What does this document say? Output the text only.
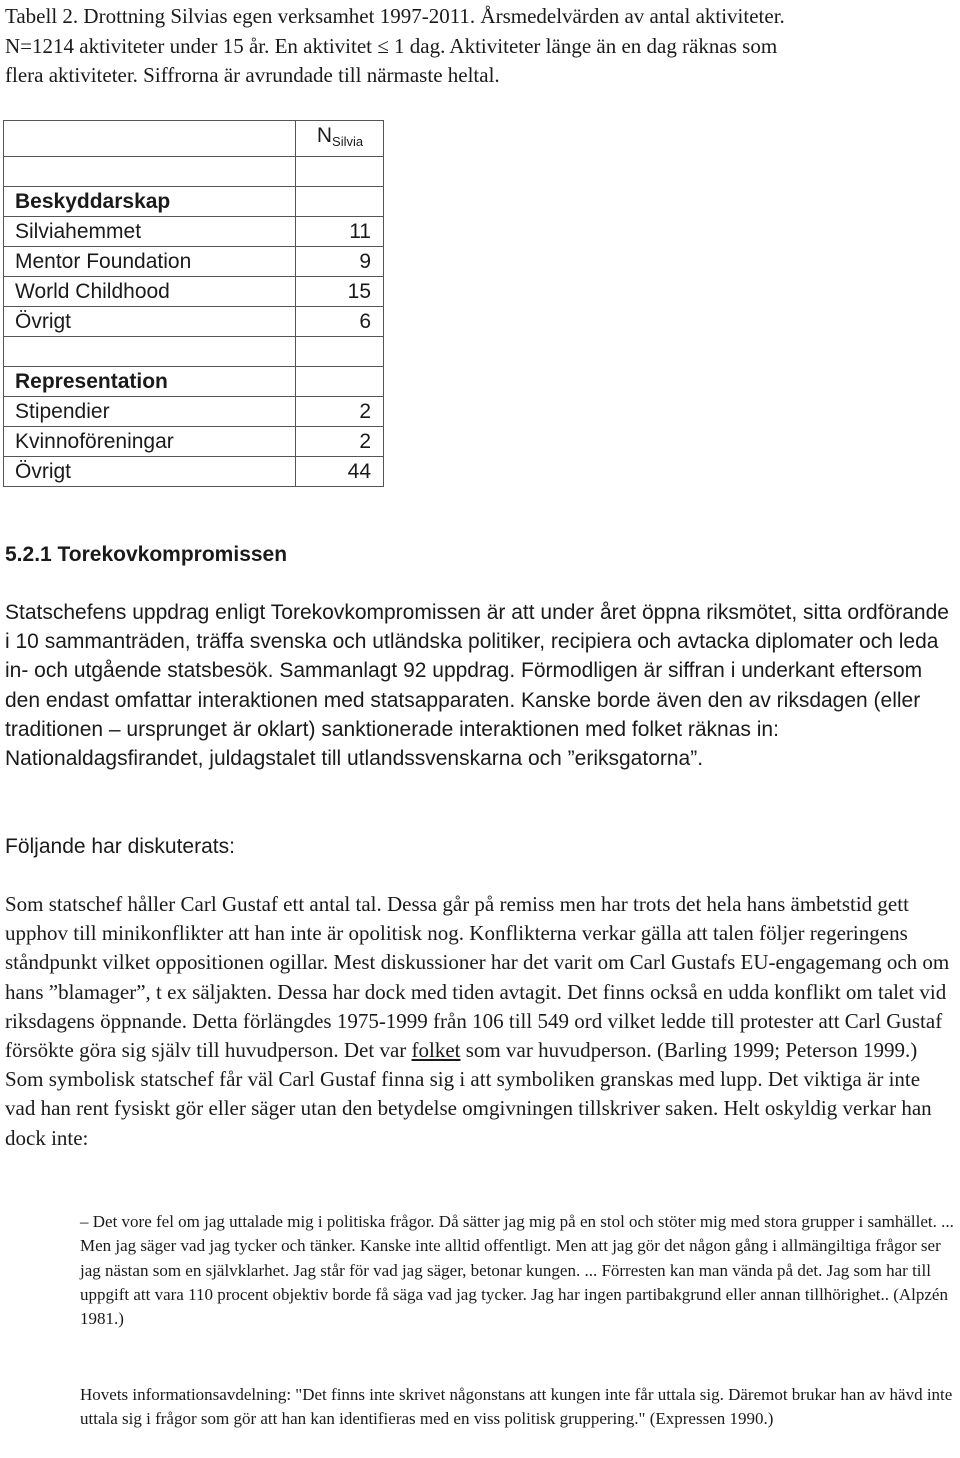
Tabell 2. Drottning Silvias egen verksamhet 1997-2011. Årsmedelvärden av antal aktiviteter.

N=1214 aktiviteter under 15 år. En aktivitet ≤ 1 dag. Aktiviteter länge än en dag räknas som

flera aktiviteter. Siffrorna är avrundade till närmaste heltal.

	$N_{Silvia}$

Beskyddarskap	
Silviahemmet	11
Mentor Foundation	9
World Childhood	15
Övrigt	6

Representation	
Stipendier	2
Kvinnoföreningar	2
Övrigt	44
5.2.1 Torekovkompromissen

Statschefens uppdrag enligt Torekovkompromissen är att under året öppna riksmötet, sitta ordförande i 10 sammanträden, träffa svenska och utländska politiker, recipiera och avtacka diplomater och leda in- och utgående statsbesök. Sammanlagt 92 uppdrag. Förmodligen är siffran i underkant eftersom den endast omfattar interaktionen med statsapparaten. Kanske borde även den av riksdagen (eller traditionen – ursprunget är oklart) sanktionerade interaktionen med folket räknas in: Nationaldagsfirandet, juldagstalet till utlandssvenskarna och ”eriksgatorna”.

Följande har diskuterats:

Som statschef håller Carl Gustaf ett antal tal. Dessa går på remiss men har trots det hela hans ämbetstid gett upphov till minikonflikter att han inte är opolitisk nog. Konflikterna verkar gälla att talen följer regeringens ståndpunkt vilket oppositionen ogillar. Mest diskussioner har det varit om Carl Gustafs EU-engagemang och om hans ”blamager”, t ex säljakten. Dessa har dock med tiden avtagit. Det finns också en udda konflikt om talet vid riksdagens öppnande. Detta förlängdes 1975-1999 från 106 till 549 ord vilket ledde till protester att Carl Gustaf försökte göra sig själv till huvudperson. Det var folket som var huvudperson. (Barling 1999; Peterson 1999.) Som symbolisk statschef får väl Carl Gustaf finna sig i att symboliken granskas med lupp. Det viktiga är inte vad han rent fysiskt gör eller säger utan den betydelse omgivningen tillskriver saken. Helt oskyldig verkar han dock inte:

– Det vore fel om jag uttalade mig i politiska frågor. Då sätter jag mig på en stol och stöter mig med stora grupper i samhället. ... Men jag säger vad jag tycker och tänker. Kanske inte alltid offentligt. Men att jag gör det någon gång i allmängiltiga frågor ser jag nästan som en självklarhet. Jag står för vad jag säger, betonar kungen. ... Förresten kan man vända på det. Jag som har till uppgift att vara 110 procent objektiv borde få säga vad jag tycker. Jag har ingen partibakgrund eller annan tillhörighet.. (Alpzén 1981.)

Hovets informationsavdelning: "Det finns inte skrivet någonstans att kungen inte får uttala sig. Däremot brukar han av hävd inte uttala sig i frågor som gör att han kan identifieras med en viss politisk gruppering." (Expressen 1990.)
